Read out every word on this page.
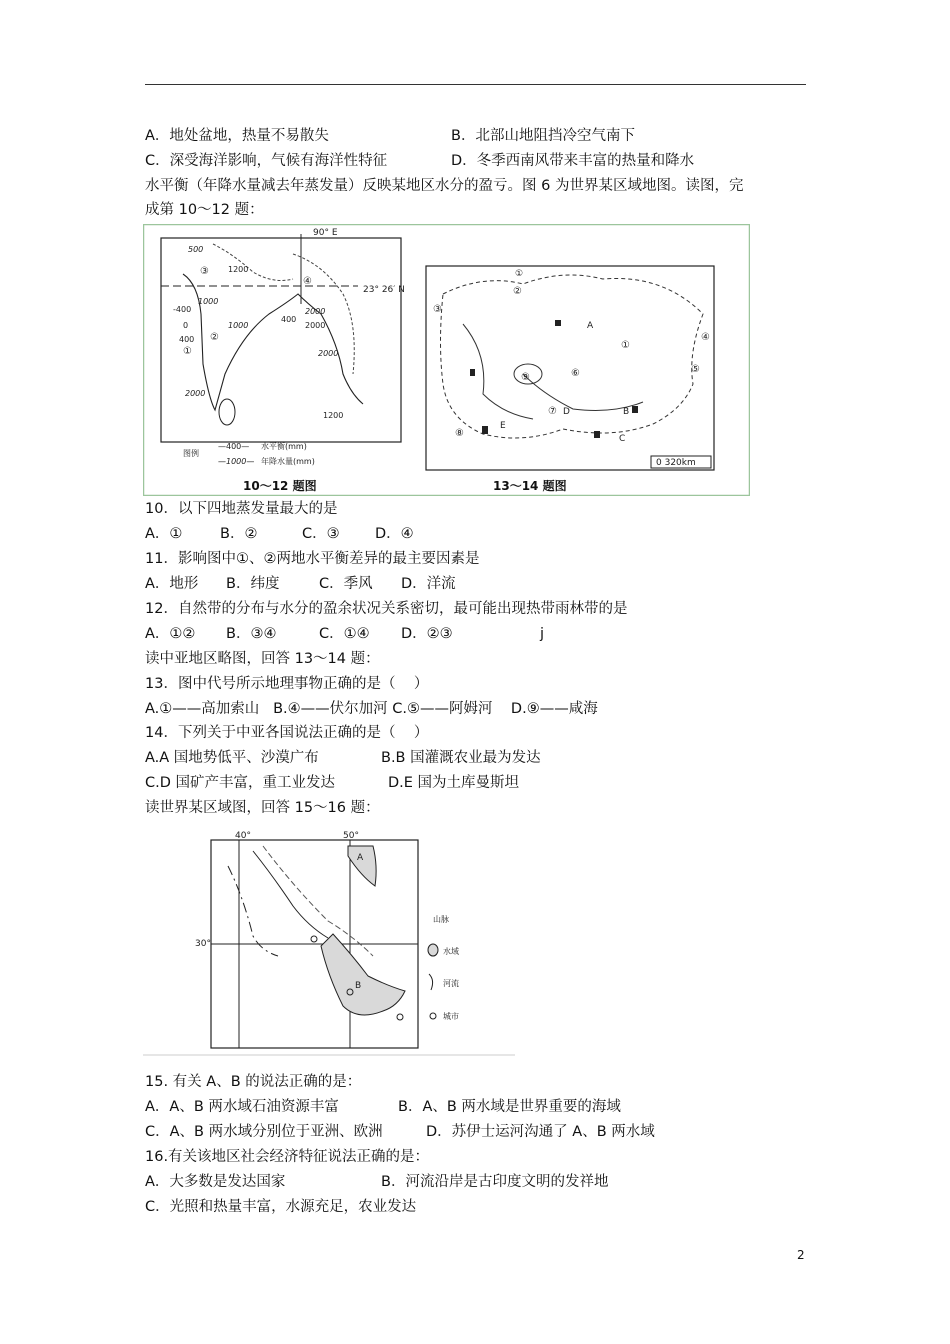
A．地处盆地，热量不易散失	B．北部山地阻挡冷空气南下
C．深受海洋影响，气候有海洋性特征	D．冬季西南风带来丰富的热量和降水
水平衡（年降水量减去年蒸发量）反映某地区水分的盈亏。图 6 为世界某区域地图。读图，完
成第 10～12 题：
10．以下四地蒸发量最大的是
A．①	B．②	C．③ D．④
11．影响图中①、②两地水平衡差异的最主要因素是
A．地形 B．纬度	C．季风 D．洋流
12．自然带的分布与水分的盈余状况关系密切，最可能出现热带雨林带的是
A．①② B．③④	C．①④ D．②③	j
读中亚地区略图，回答 13～14 题：
13．图中代号所示地理事物正确的是（    ）
A.①——高加索山   B.④——伏尔加河 C.⑤——阿姆河    D.⑨——咸海
14．下列关于中亚各国说法正确的是（    ）
A.A 国地势低平、沙漠广布	B.B 国灌溉农业最为发达
C.D 国矿产丰富，重工业发达	D.E 国为土库曼斯坦
读世界某区域图，回答 15～16 题：
15. 有关 A、B 的说法正确的是：
A．A、B 两水域石油资源丰富	B．A、B 两水域是世界重要的海域
C．A、B 两水域分别位于亚洲、欧洲	D．苏伊士运河沟通了 A、B 两水域
16.有关该地区社会经济特征说法正确的是：
A．大多数是发达国家	B．河流沿岸是古印度文明的发祥地
C．光照和热量丰富，水源充足，农业发达
90° E
23° 26′ N
500
1200
1000
-400
0	1000
400
400
2000
2000
2000
2000
1200
①
②
③
④
图例
—400— 水平衡(mm)
—1000— 年降水量(mm)
10～12 题图
①
②
③
④
⑤
⑥
⑦
⑧
⑨
①
A
B
C
D
E
0 320km
13～14 题图
40°	50°
30°
A
B
山脉
水域
河流
城市
2
